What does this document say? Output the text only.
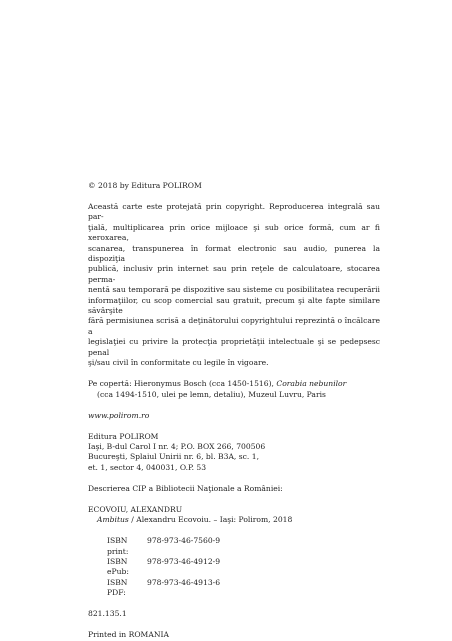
© 2018 by Editura POLIROM
Această carte este protejată prin copyright. Reproducerea integrală sau par-
ţială, multiplicarea prin orice mijloace şi sub orice formă, cum ar fi xeroxarea,
scanarea, transpunerea în format electronic sau audio, punerea la dispoziţia
publică, inclusiv prin internet sau prin reţele de calculatoare, stocarea perma-
nentă sau temporară pe dispozitive sau sisteme cu posibilitatea recuperării
informaţiilor, cu scop comercial sau gratuit, precum şi alte fapte similare săvârşite
fără permisiunea scrisă a deţinătorului copyrightului reprezintă o încălcare a
legislaţiei cu privire la protecţia proprietăţii intelectuale şi se pedepsesc penal
şi/sau civil în conformitate cu legile în vigoare.
Pe copertă: Hieronymus Bosch (cca 1450-1516), Corabia nebunilor
(cca 1494-1510, ulei pe lemn, detaliu), Muzeul Luvru, Paris
www.polirom.ro
Editura POLIROM
Iaşi, B-dul Carol I nr. 4; P.O. BOX 266, 700506
Bucureşti, Splaiul Unirii nr. 6, bl. B3A, sc. 1,
et. 1, sector 4, 040031, O.P. 53
Descrierea CIP a Bibliotecii Naţionale a României:
ECOVOIU, ALEXANDRU
Ambitus / Alexandru Ecovoiu. – Iaşi: Polirom, 2018
ISBN print:
978-973-46-7560-9
ISBN ePub:
978-973-46-4912-9
ISBN PDF:
978-973-46-4913-6
821.135.1
Printed in ROMANIA
